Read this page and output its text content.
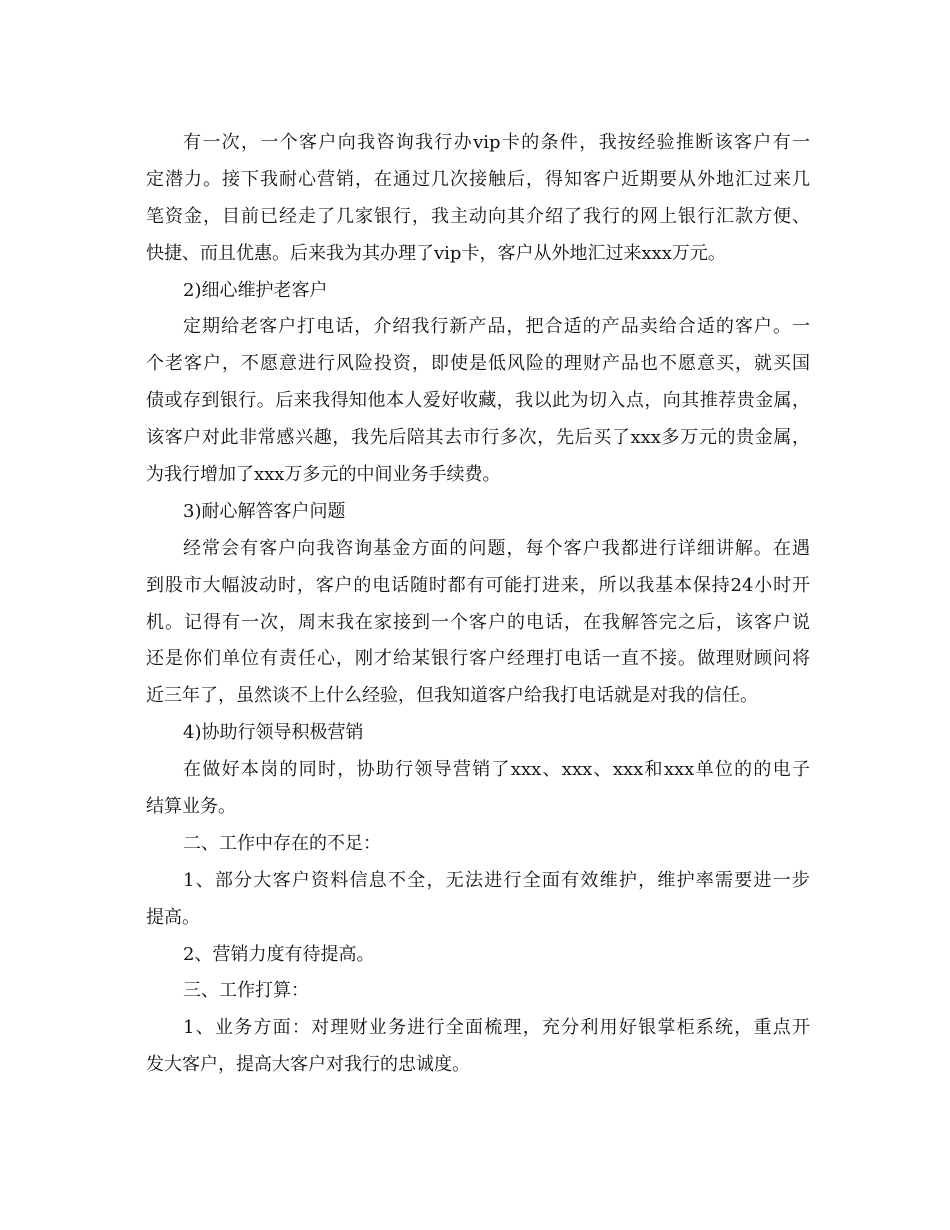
有一次，一个客户向我咨询我行办vip卡的条件，我按经验推断该客户有一
定潜力。接下我耐心营销，在通过几次接触后，得知客户近期要从外地汇过来几
笔资金，目前已经走了几家银行，我主动向其介绍了我行的网上银行汇款方便、
快捷、而且优惠。后来我为其办理了vip卡，客户从外地汇过来xxx万元。
2)细心维护老客户
定期给老客户打电话，介绍我行新产品，把合适的产品卖给合适的客户。一
个老客户，不愿意进行风险投资，即使是低风险的理财产品也不愿意买，就买国
债或存到银行。后来我得知他本人爱好收藏，我以此为切入点，向其推荐贵金属，
该客户对此非常感兴趣，我先后陪其去市行多次，先后买了xxx多万元的贵金属，
为我行增加了xxx万多元的中间业务手续费。
3)耐心解答客户问题
经常会有客户向我咨询基金方面的问题，每个客户我都进行详细讲解。在遇
到股市大幅波动时，客户的电话随时都有可能打进来，所以我基本保持24小时开
机。记得有一次，周末我在家接到一个客户的电话，在我解答完之后，该客户说
还是你们单位有责任心，刚才给某银行客户经理打电话一直不接。做理财顾问将
近三年了，虽然谈不上什么经验，但我知道客户给我打电话就是对我的信任。
4)协助行领导积极营销
在做好本岗的同时，协助行领导营销了xxx、xxx、xxx和xxx单位的的电子
结算业务。
二、工作中存在的不足：
1、部分大客户资料信息不全，无法进行全面有效维护，维护率需要进一步
提高。
2、营销力度有待提高。
三、工作打算：
1、业务方面：对理财业务进行全面梳理，充分利用好银掌柜系统，重点开
发大客户，提高大客户对我行的忠诚度。
